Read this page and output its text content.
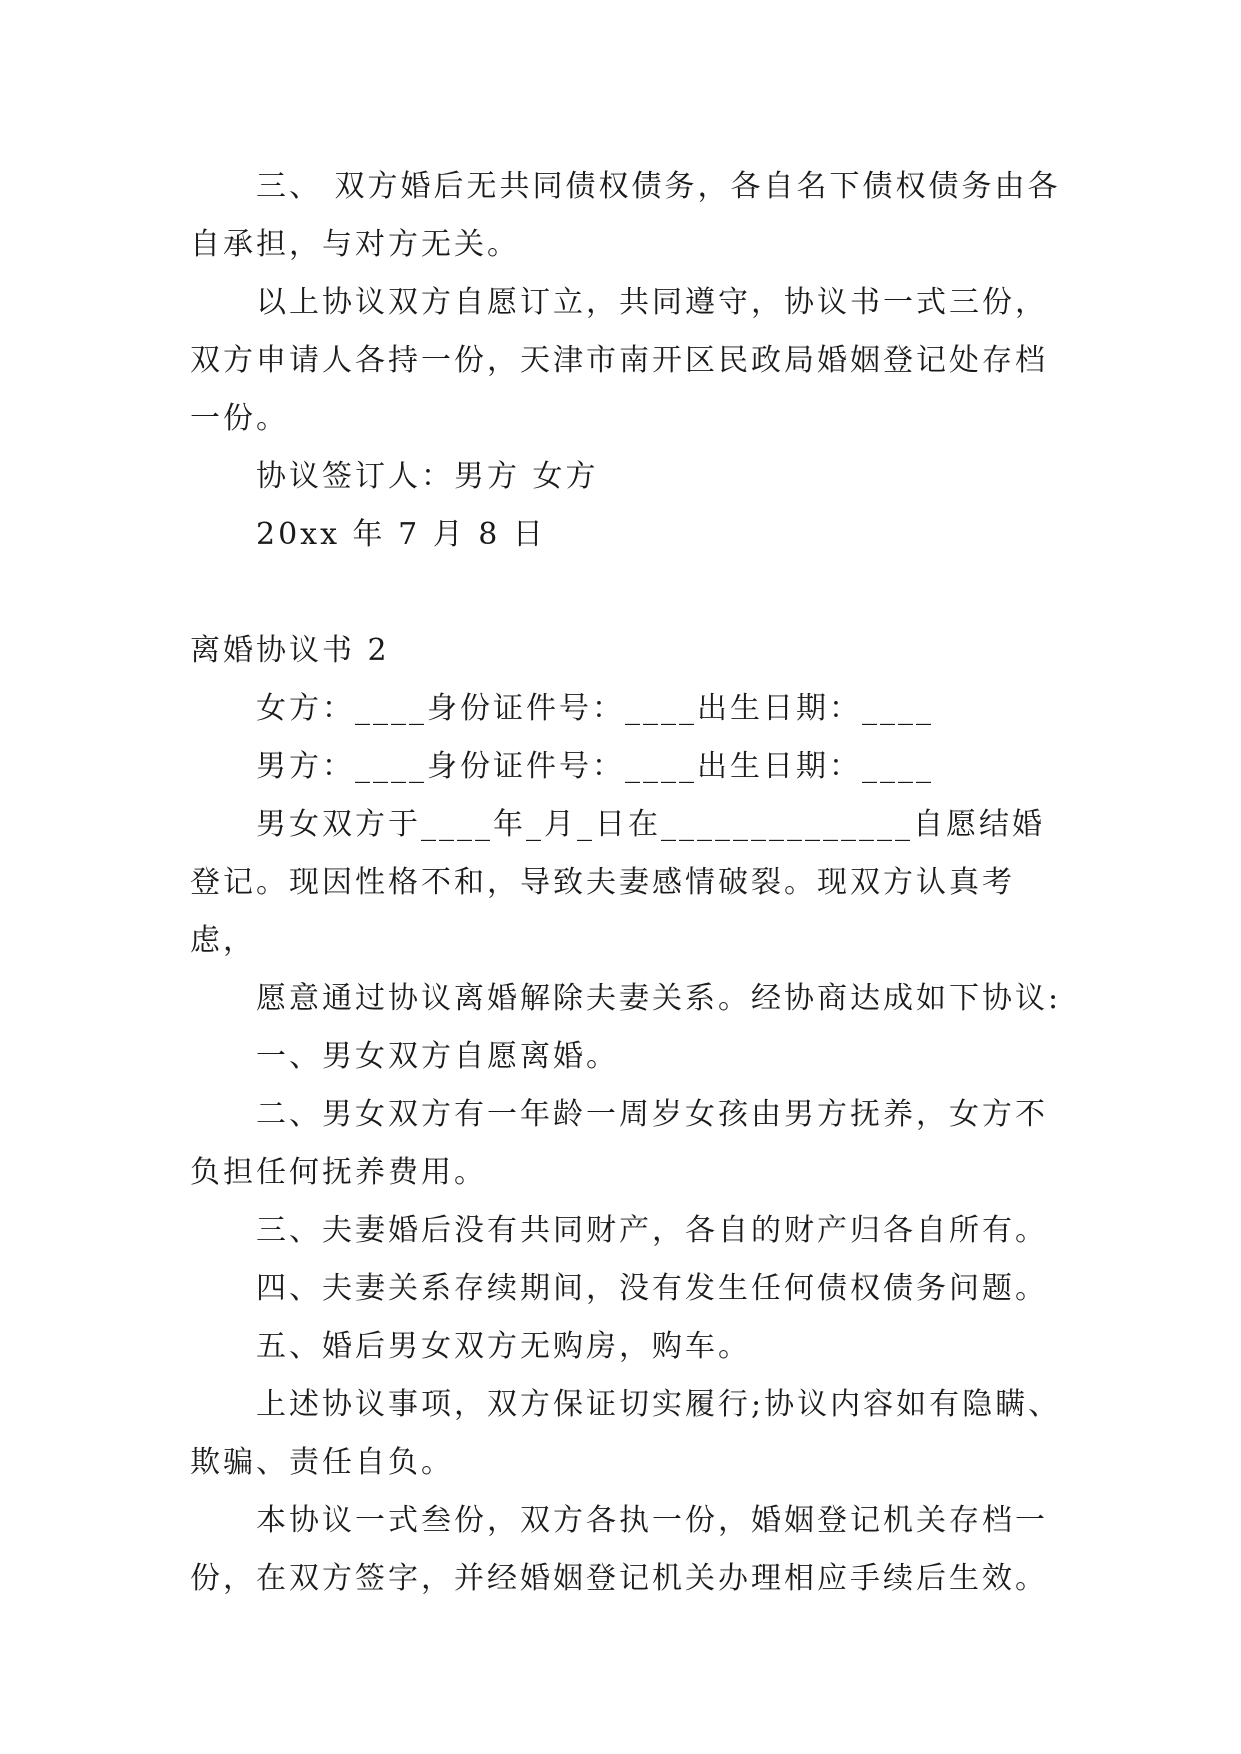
三、 双方婚后无共同债权债务，各自名下债权债务由各自承担，与对方无关。

以上协议双方自愿订立，共同遵守，协议书一式三份，双方申请人各持一份，天津市南开区民政局婚姻登记处存档一份。

协议签订人：男方 女方

20xx 年 7 月 8 日

离婚协议书 2

女方：____身份证件号：____出生日期：____

男方：____身份证件号：____出生日期：____

男女双方于____年_月_日在______________自愿结婚登记。现因性格不和，导致夫妻感情破裂。现双方认真考虑，

愿意通过协议离婚解除夫妻关系。经协商达成如下协议:

一、男女双方自愿离婚。

二、男女双方有一年龄一周岁女孩由男方抚养，女方不负担任何抚养费用。

三、夫妻婚后没有共同财产，各自的财产归各自所有。

四、夫妻关系存续期间，没有发生任何债权债务问题。

五、婚后男女双方无购房，购车。

上述协议事项，双方保证切实履行;协议内容如有隐瞒、欺骗、责任自负。

本协议一式叁份，双方各执一份，婚姻登记机关存档一份，在双方签字，并经婚姻登记机关办理相应手续后生效。
